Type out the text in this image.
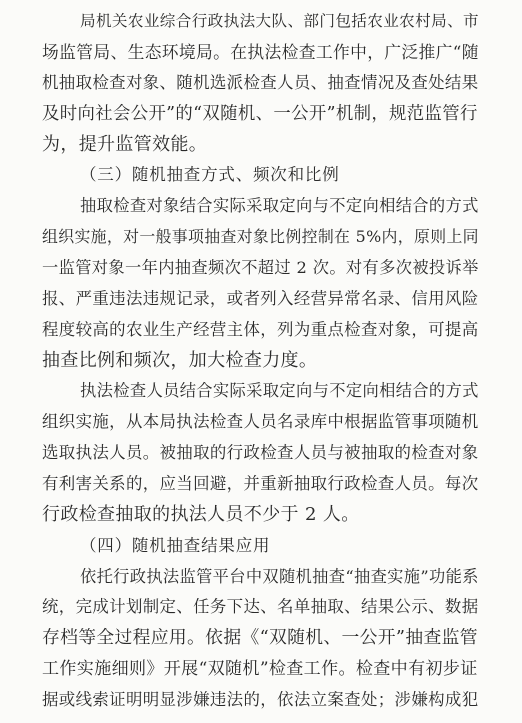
局机关农业综合行政执法大队、部门包括农业农村局、市
场监管局、生态环境局。在执法检查工作中，广泛推广“随
机抽取检查对象、随机选派检查人员、抽查情况及查处结果
及时向社会公开”的“双随机、一公开”机制，规范监管行
为，提升监管效能。
（三）随机抽查方式、频次和比例
抽取检查对象结合实际采取定向与不定向相结合的方式
组织实施，对一般事项抽查对象比例控制在 5%内，原则上同
一监管对象一年内抽查频次不超过 2 次。对有多次被投诉举
报、严重违法违规记录，或者列入经营异常名录、信用风险
程度较高的农业生产经营主体，列为重点检查对象，可提高
抽查比例和频次，加大检查力度。
执法检查人员结合实际采取定向与不定向相结合的方式
组织实施，从本局执法检查人员名录库中根据监管事项随机
选取执法人员。被抽取的行政检查人员与被抽取的检查对象
有利害关系的，应当回避，并重新抽取行政检查人员。每次
行政检查抽取的执法人员不少于 2 人。
（四）随机抽查结果应用
依托行政执法监管平台中双随机抽查“抽查实施”功能系
统，完成计划制定、任务下达、名单抽取、结果公示、数据
存档等全过程应用。依据《“双随机、一公开”抽查监管
工作实施细则》开展“双随机”检查工作。检查中有初步证
据或线索证明明显涉嫌违法的，依法立案查处；涉嫌构成犯
